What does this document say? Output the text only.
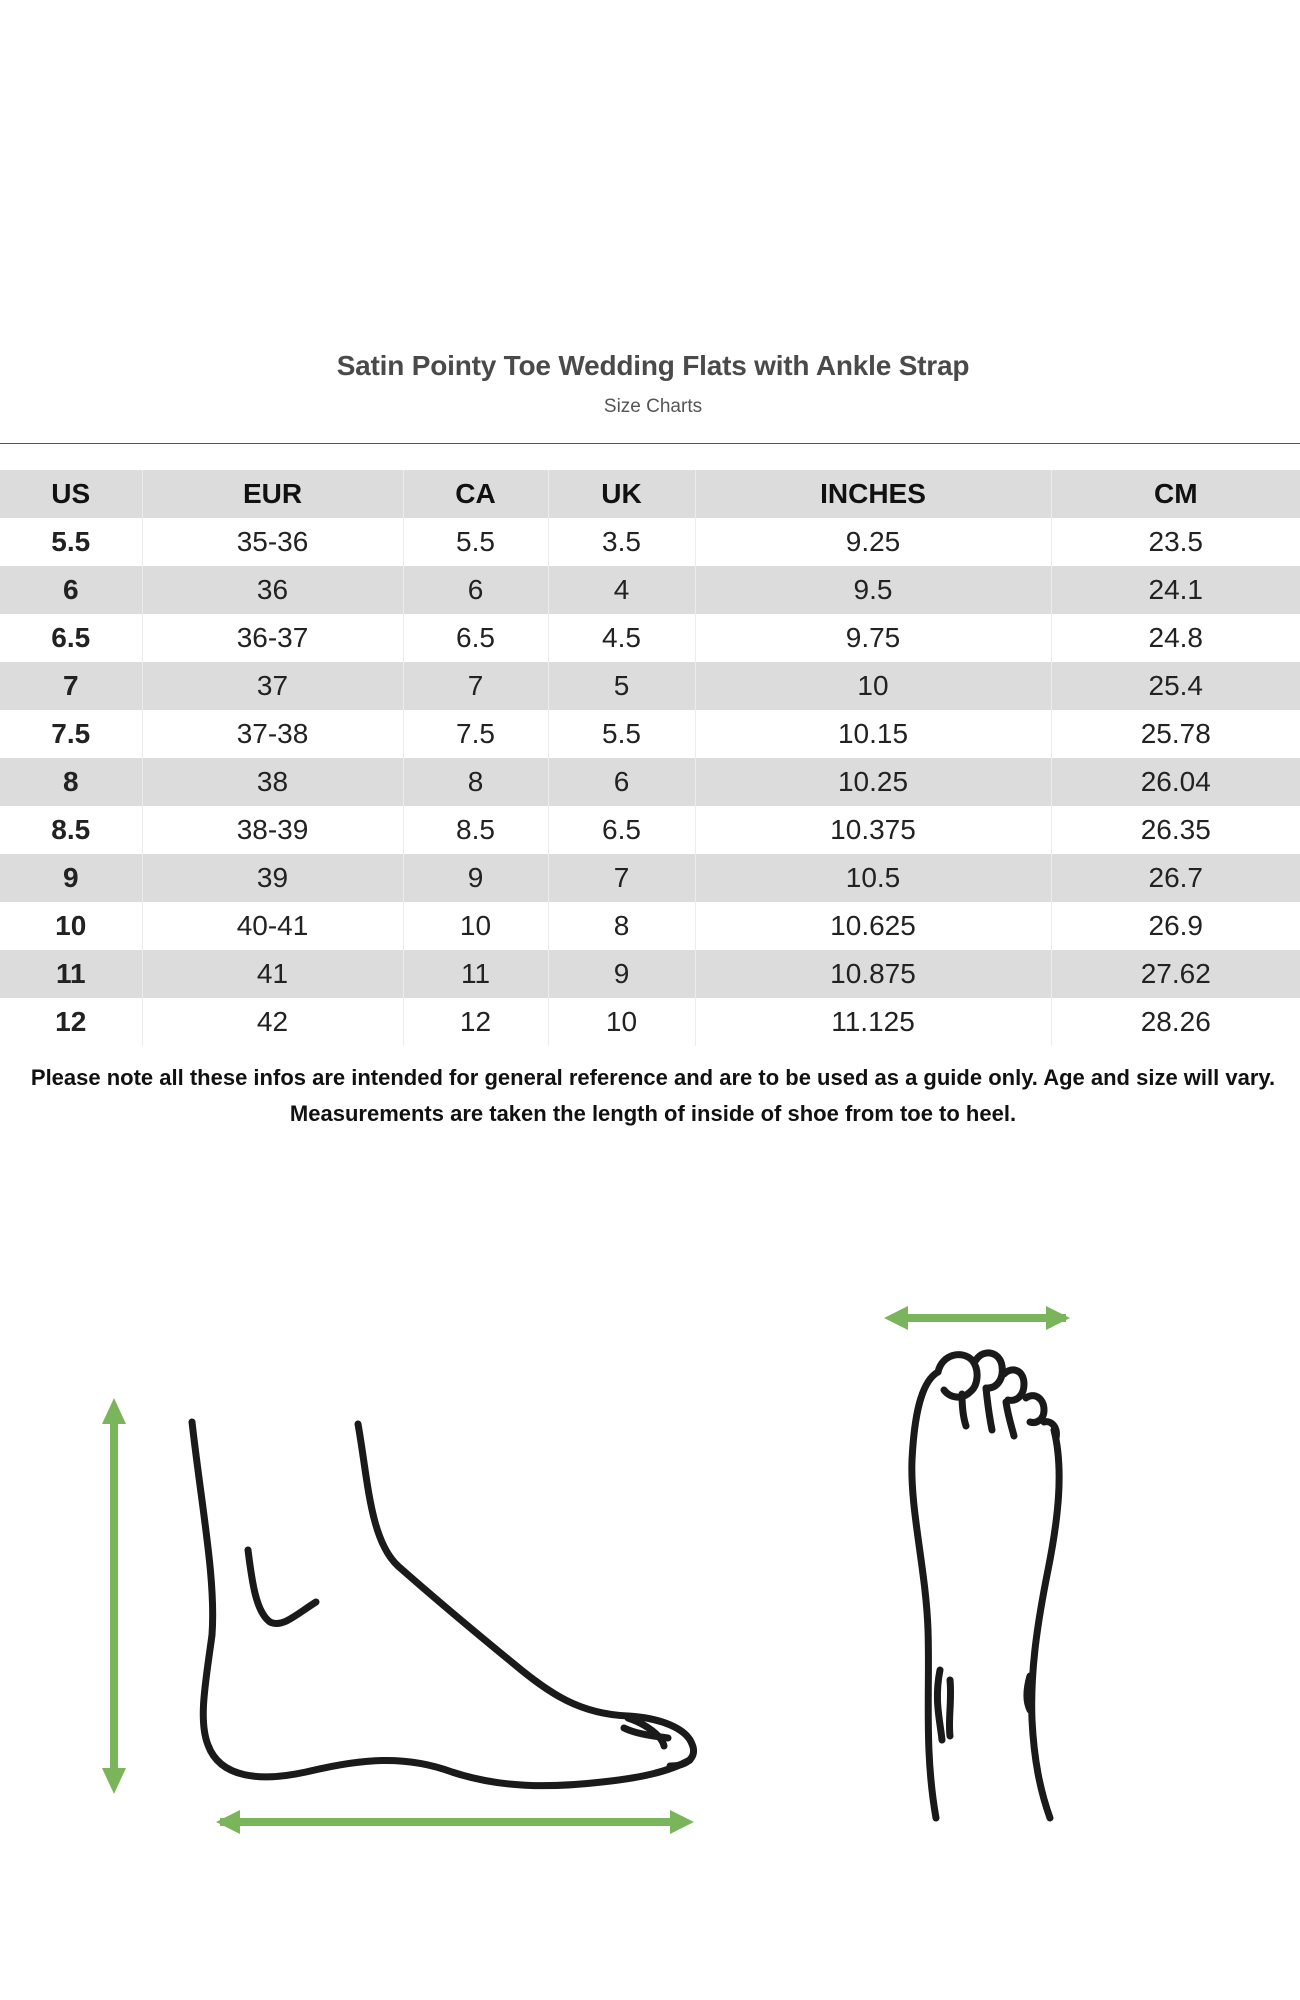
Satin Pointy Toe Wedding Flats with Ankle Strap
Size Charts
US	EUR	CA	UK	INCHES	CM
5.5	35-36	5.5	3.5	9.25	23.5
6	36	6	4	9.5	24.1
6.5	36-37	6.5	4.5	9.75	24.8
7	37	7	5	10	25.4
7.5	37-38	7.5	5.5	10.15	25.78
8	38	8	6	10.25	26.04
8.5	38-39	8.5	6.5	10.375	26.35
9	39	9	7	10.5	26.7
10	40-41	10	8	10.625	26.9
11	41	11	9	10.875	27.62
12	42	12	10	11.125	28.26
Please note all these infos are intended for general reference and are to be used as a guide only. Age and size will vary.
Measurements are taken the length of inside of shoe from toe to heel.
